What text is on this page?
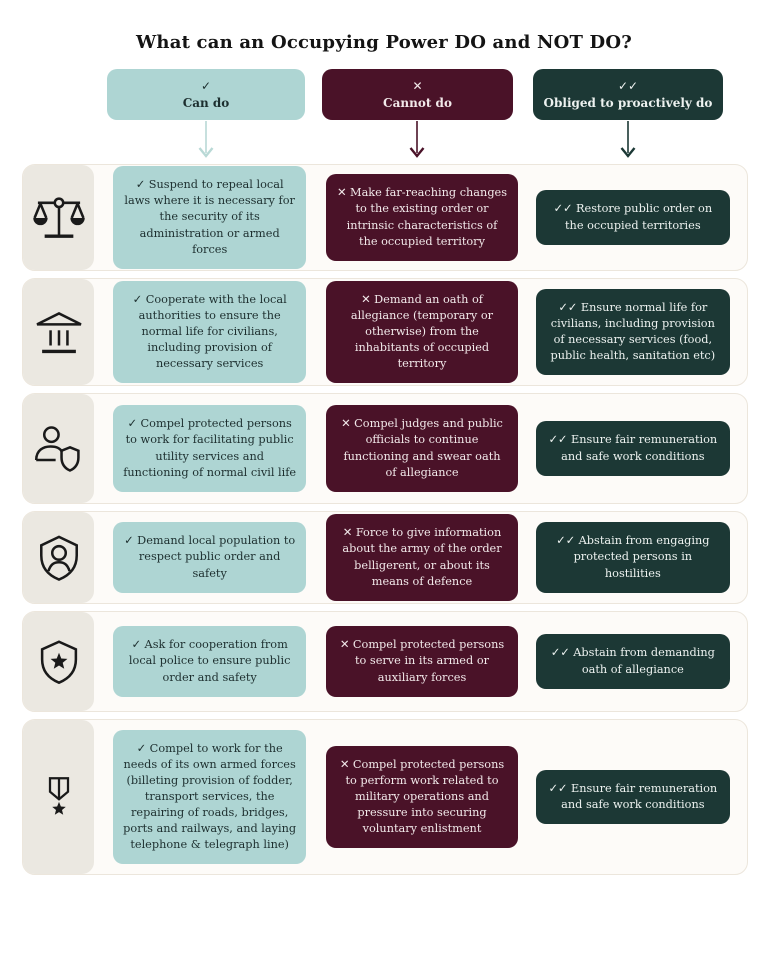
What can an Occupying Power DO and NOT DO?
✓
Can do
✕
Cannot do
✓✓
Obliged to proactively do
✓ Suspend to repeal local laws where it is necessary for the security of its administration or armed forces
✕ Make far-reaching changes to the existing order or intrinsic characteristics of the occupied territory
✓✓ Restore public order on the occupied territories
✓ Cooperate with the local authorities to ensure the normal life for civilians, including provision of necessary services
✕ Demand an oath of allegiance (temporary or otherwise) from the inhabitants of occupied territory
✓✓ Ensure normal life for civilians, including provision of necessary services (food, public health, sanitation etc)
✓ Compel protected persons to work for facilitating public utility services and functioning of normal civil life
✕ Compel judges and public officials to continue functioning and swear oath of allegiance
✓✓ Ensure fair remuneration and safe work conditions
✓ Demand local population to respect public order and safety
✕ Force to give information about the army of the order belligerent, or about its means of defence
✓✓ Abstain from engaging protected persons in hostilities
✓ Ask for cooperation from local police to ensure public order and safety
✕ Compel protected persons to serve in its armed or auxiliary forces
✓✓ Abstain from demanding oath of allegiance
✓ Compel to work for the needs of its own armed forces (billeting provision of fodder, transport services, the repairing of roads, bridges, ports and railways, and laying telephone & telegraph line)
✕ Compel protected persons to perform work related to military operations and pressure into securing voluntary enlistment
✓✓ Ensure fair remuneration and safe work conditions
